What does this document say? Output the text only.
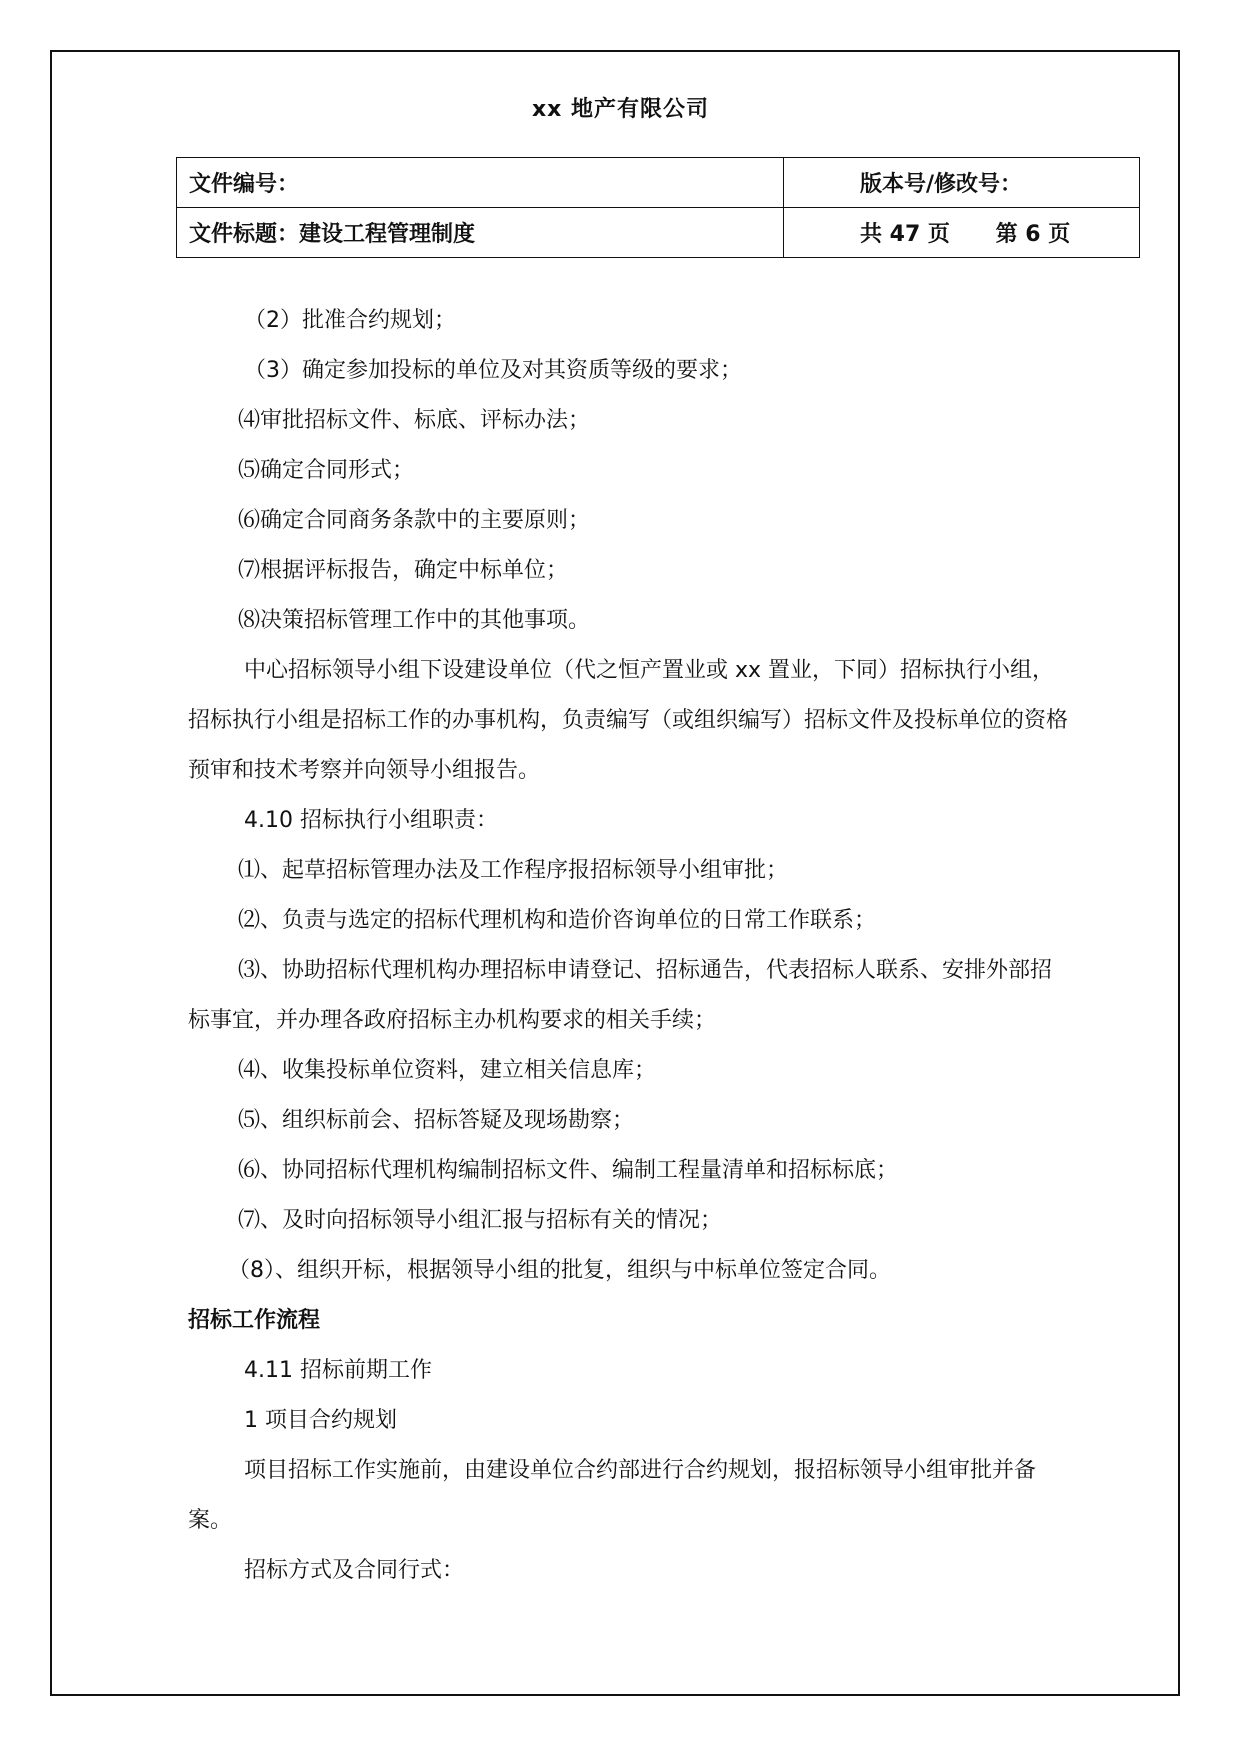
xx 地产有限公司
文件编号：	版本号/修改号：
文件标题：建设工程管理制度	共 47 页 第 6 页

（2）批准合约规划；

（3）确定参加投标的单位及对其资质等级的要求；

⑷审批招标文件、标底、评标办法；

⑸确定合同形式；

⑹确定合同商务条款中的主要原则；

⑺根据评标报告，确定中标单位；

⑻决策招标管理工作中的其他事项。

中心招标领导小组下设建设单位（代之恒产置业或 xx 置业，下同）招标执行小组，招标执行小组是招标工作的办事机构，负责编写（或组织编写）招标文件及投标单位的资格预审和技术考察并向领导小组报告。

4.10 招标执行小组职责：

⑴、起草招标管理办法及工作程序报招标领导小组审批；

⑵、负责与选定的招标代理机构和造价咨询单位的日常工作联系；

⑶、协助招标代理机构办理招标申请登记、招标通告，代表招标人联系、安排外部招标事宜，并办理各政府招标主办机构要求的相关手续；

⑷、收集投标单位资料，建立相关信息库；

⑸、组织标前会、招标答疑及现场勘察；

⑹、协同招标代理机构编制招标文件、编制工程量清单和招标标底；

⑺、及时向招标领导小组汇报与招标有关的情况；

（8）、组织开标，根据领导小组的批复，组织与中标单位签定合同。

招标工作流程

4.11 招标前期工作

1 项目合约规划

项目招标工作实施前，由建设单位合约部进行合约规划，报招标领导小组审批并备案。

招标方式及合同行式：
